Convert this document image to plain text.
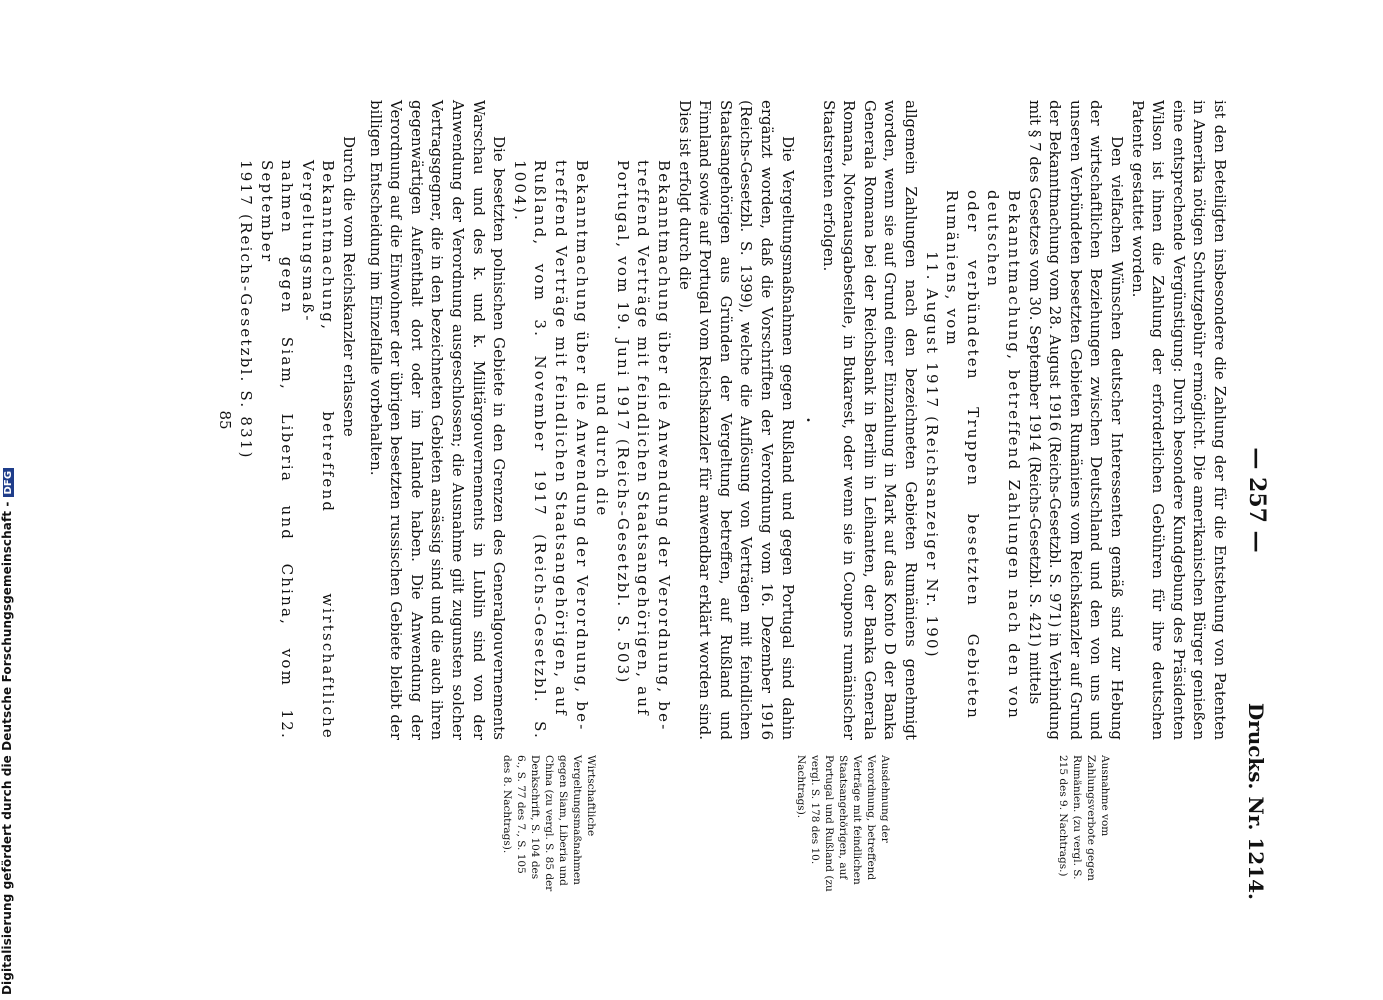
Digitalisierung gefördert durch die Deutsche Forschungsgemeinschaft -DFG	— 257 —
Drucks. Nr. 1214.

ist den Beteiligten insbesondere die Zahlung der für die Entstehung von Patenten in Amerika nötigen Schutzgebühr ermöglicht. Die amerikanischen Bürger genießen eine entsprechende Vergünstigung: Durch besondere Kundgebung des Präsidenten Wilson ist ihnen die Zahlung der erforderlichen Gebühren für ihre deutschen Patente gestattet worden.

Den vielfachen Wünschen deutscher Interessenten gemäß sind zur Hebung der wirtschaftlichen Beziehungen zwischen Deutschland und den von uns und unseren Verbündeten besetzten Gebieten Rumäniens vom Reichskanzler auf Grund der Bekanntmachung vom 28. August 1916 (Reichs-Gesetzbl. S. 971) in Verbindung mit § 7 des Gesetzes vom 30. September 1914 (Reichs-Gesetzbl. S. 421) mittels

Bekanntmachung, betreffend Zahlungen nach den von deutschen

oder verbündeten Truppen besetzten Gebieten Rumäniens, vom

11. August 1917 (Reichsanzeiger Nr. 190)

allgemein Zahlungen nach den bezeichneten Gebieten Rumäniens genehmigt worden, wenn sie auf Grund einer Einzahlung in Mark auf das Konto D der Banka Generala Romana bei der Reichsbank in Berlin in Leihanten, der Banka Generala Romana, Notenausgabestelle, in Bukarest, oder wenn sie in Coupons rumänischer Staatsrenten erfolgen.

·

Die Vergeltungsmaßnahmen gegen Rußland und gegen Portugal sind dahin ergänzt worden, daß die Vorschriften der Verordnung vom 16. Dezember 1916 (Reichs-Gesetzbl. S. 1399), welche die Auflösung von Verträgen mit feindlichen Staatsangehörigen aus Gründen der Vergeltung betreffen, auf Rußland und Finnland sowie auf Portugal vom Reichskanzler für anwendbar erklärt worden sind. Dies ist erfolgt durch die

Bekanntmachung über die Anwendung der Verordnung, be-

treffend Verträge mit feindlichen Staatsangehörigen, auf

Portugal, vom 19. Juni 1917 (Reichs-Gesetzbl. S. 503)

und durch die

Bekanntmachung über die Anwendung der Verordnung, be-

treffend Verträge mit feindlichen Staatsangehörigen, auf

Rußland, vom 3. November 1917 (Reichs-Gesetzbl. S. 1004).

Die besetzten polnischen Gebiete in den Grenzen des Generalgouvernements Warschau und des k. und k. Militärgouvernements in Lublin sind von der Anwendung der Verordnung ausgeschlossen; die Ausnahme gilt zugunsten solcher Vertragsgegner, die in den bezeichneten Gebieten ansässig sind und die auch ihren gegenwärtigen Aufenthalt dort oder im Inlande haben. Die Anwendung der Verordnung auf die Einwohner der übrigen besetzten russischen Gebiete bleibt der billigen Entscheidung im Einzelfalle vorbehalten.

Durch die vom Reichskanzler erlassene

Bekanntmachung, betreffend wirtschaftliche Vergeltungsmaß-

nahmen gegen Siam, Liberia und China, vom 12. September

1917 (Reichs-Gesetzbl. S. 831)

85

Ausnahme vom Zahlungsverbote gegen Rumänien. (zu vergl. S. 215 des 9. Nachtrags.)
Ausdehnung der Verordnung, betreffend Verträge mit feindlichen Staatsangehörigen, auf Portugal und Rußland (zu vergl. S. 178 des 10. Nachtrags).
Wirtschaftliche Vergeltungsmaßnahmen gegen Siam, Liberia und China (zu vergl. S. 85 der Denkschrift, S. 104 des 6., S. 77 des 7., S. 105 des 8. Nachtrags).
